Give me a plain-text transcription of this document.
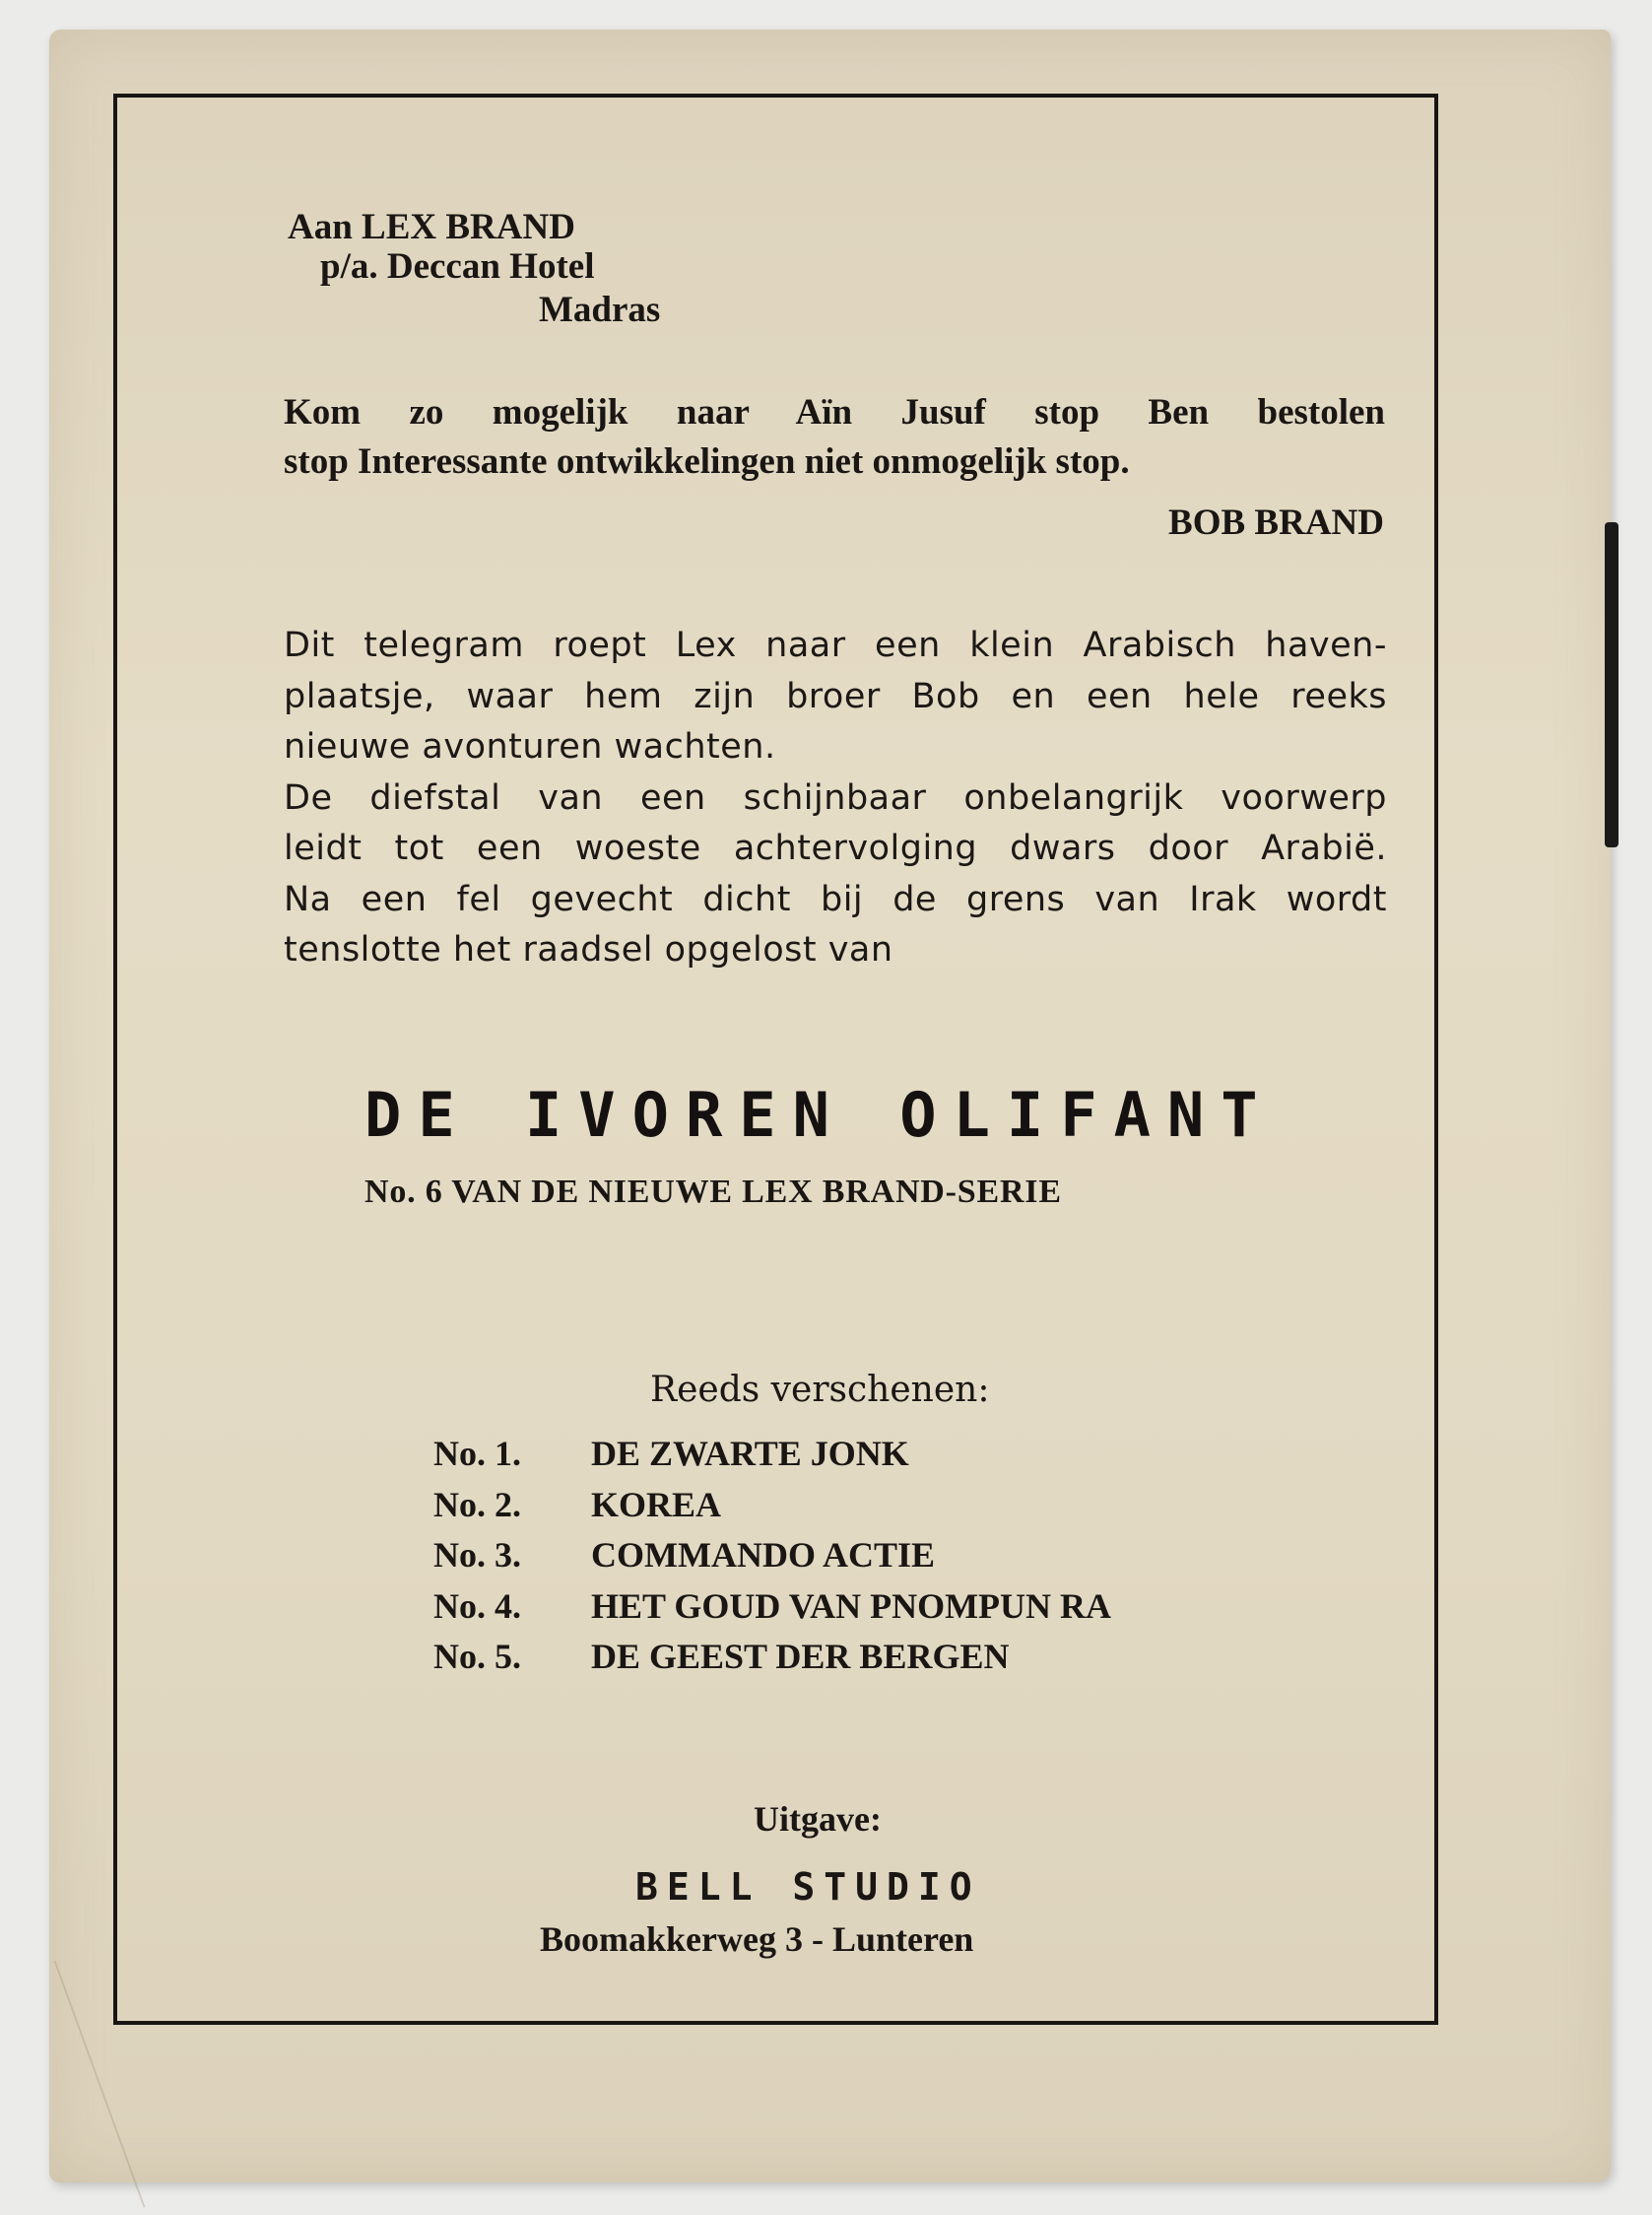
Aan LEX BRAND
p/a. Deccan Hotel
Madras
Kom zo mogelijk naar Aïn Jusuf stop Ben bestolen
stop Interessante ontwikkelingen niet onmogelijk stop.
BOB BRAND
Dit telegram roept Lex naar een klein Arabisch haven-
plaatsje, waar hem zijn broer Bob en een hele reeks
nieuwe avonturen wachten.
De diefstal van een schijnbaar onbelangrijk voorwerp
leidt tot een woeste achtervolging dwars door Arabië.
Na een fel gevecht dicht bij de grens van Irak wordt
tenslotte het raadsel opgelost van
DE IVOREN OLIFANT
No. 6 VAN DE NIEUWE LEX BRAND-SERIE
Reeds verschenen:
No. 1.	DE ZWARTE JONK
No. 2.	KOREA
No. 3.	COMMANDO ACTIE
No. 4.	HET GOUD VAN PNOMPUN RA
No. 5.	DE GEEST DER BERGEN
Uitgave:
BELL STUDIO
Boomakkerweg 3 - Lunteren
